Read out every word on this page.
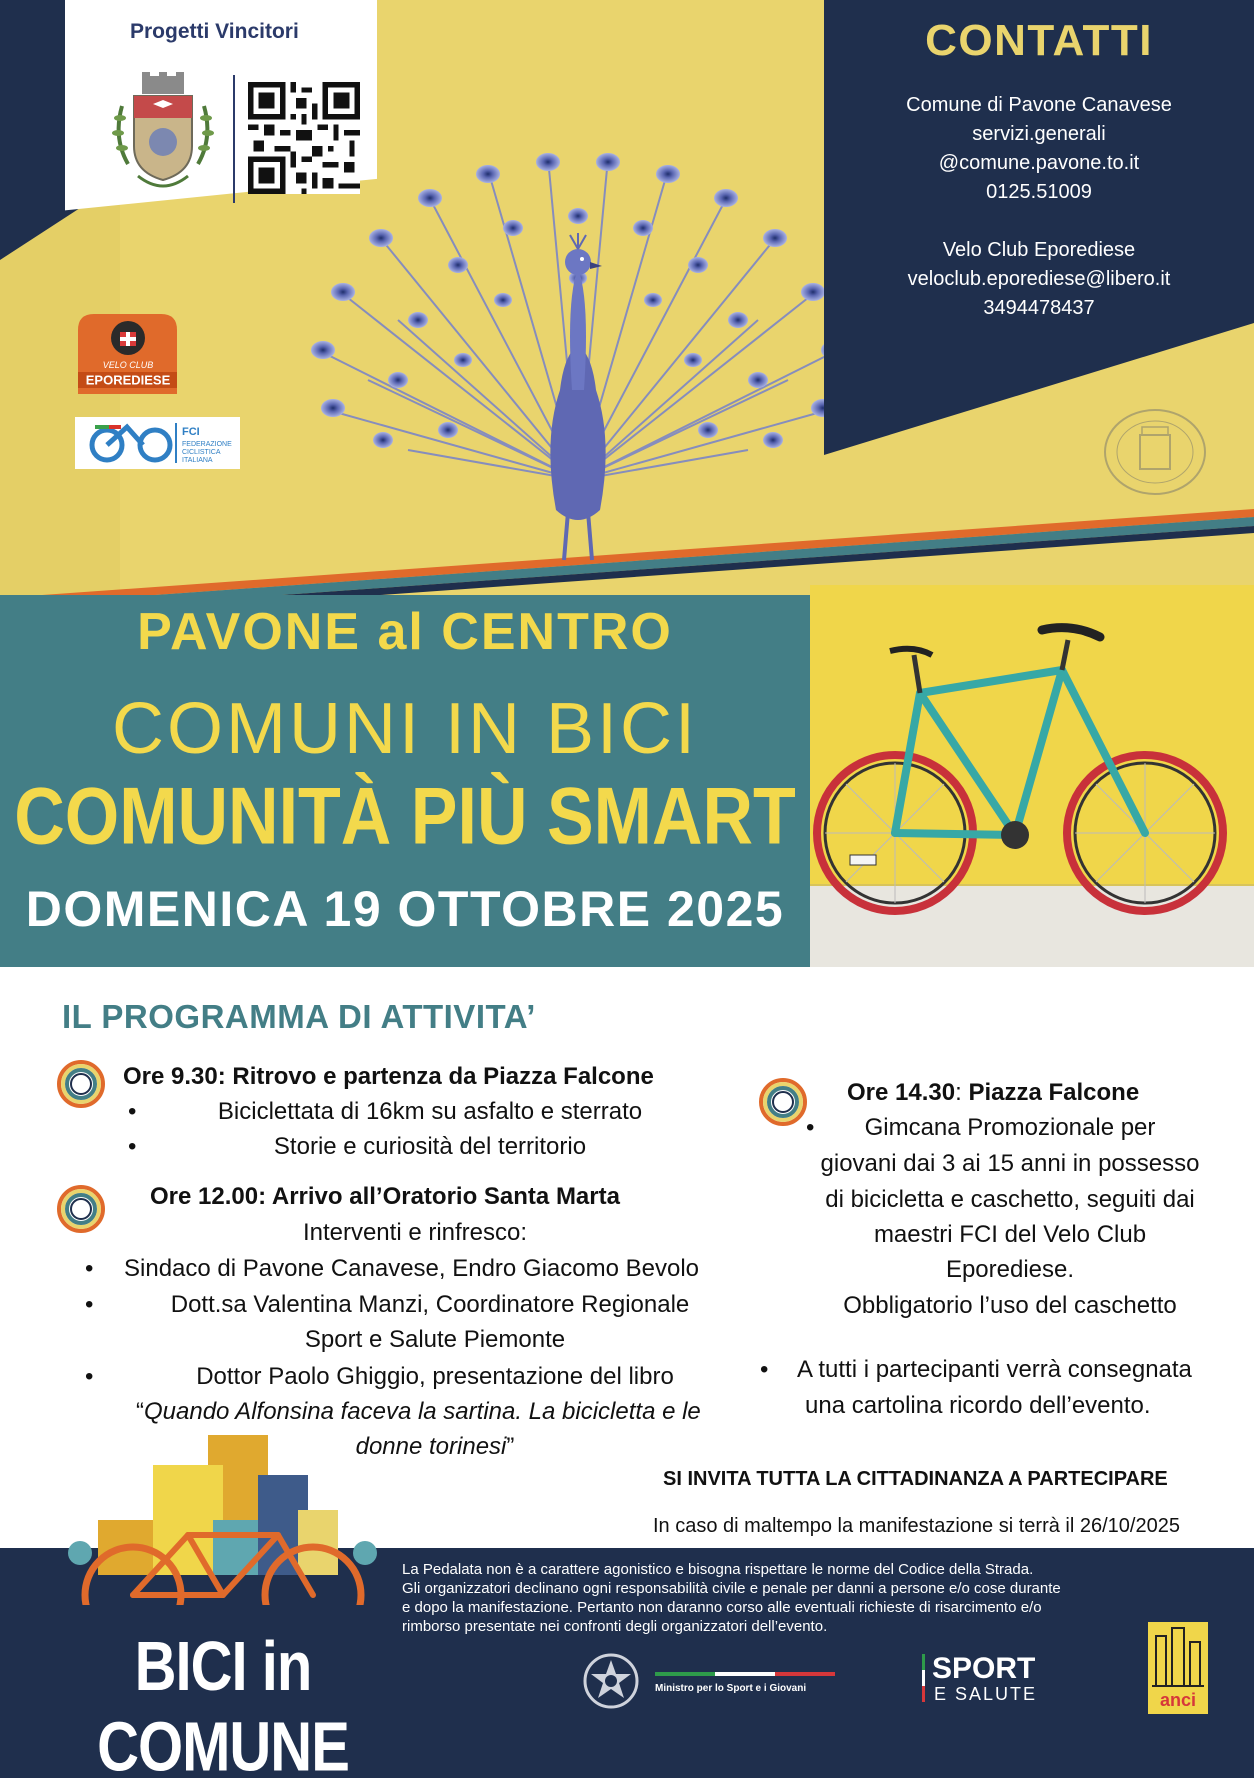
Progetti Vincitori
VELO CLUB
EPOREDIESE
FCI
FEDERAZIONE
CICLISTICA
ITALIANA
CONTATTI
Comune di Pavone Canavese
servizi.generali
@comune.pavone.to.it
0125.51009
Velo Club Eporediese
veloclub.eporediese@libero.it
3494478437
PAVONE al CENTRO
COMUNI IN BICI
COMUNITÀ PIÙ SMART
DOMENICA 19 OTTOBRE 2025
IL PROGRAMMA DI ATTIVITA’
Ore 9.30: Ritrovo e partenza da Piazza Falcone
•	Biciclettata di 16km su asfalto e sterrato
•	Storie e curiosità del territorio
Ore 12.00: Arrivo all’Oratorio Santa Marta
Interventi e rinfresco:
• Sindaco di Pavone Canavese, Endro Giacomo Bevolo
•	Dott.sa Valentina Manzi, Coordinatore Regionale
Sport e Salute Piemonte
•	Dottor Paolo Ghiggio, presentazione del libro
“Quando Alfonsina faceva la sartina. La bicicletta e le
donne torinesi”
Ore 14.30: Piazza Falcone
•	Gimcana Promozionale per
giovani dai 3 ai 15 anni in possesso
di bicicletta e caschetto, seguiti dai
maestri FCI del Velo Club
Eporediese.
Obbligatorio l’uso del caschetto
• A tutti i partecipanti verrà consegnata
una cartolina ricordo dell’evento.
SI INVITA TUTTA LA CITTADINANZA A PARTECIPARE
In caso di maltempo la manifestazione si terrà il 26/10/2025
BICI in COMUNE
La Pedalata non è a carattere agonistico e bisogna rispettare le norme del Codice della Strada.
Gli organizzatori declinano ogni responsabilità civile e penale per danni a persone e/o cose durante
e dopo la manifestazione. Pertanto non daranno corso alle eventuali richieste di risarcimento e/o
rimborso presentate nei confronti degli organizzatori dell’evento.
Ministro per lo Sport e i Giovani
SPORT
E SALUTE	anci
